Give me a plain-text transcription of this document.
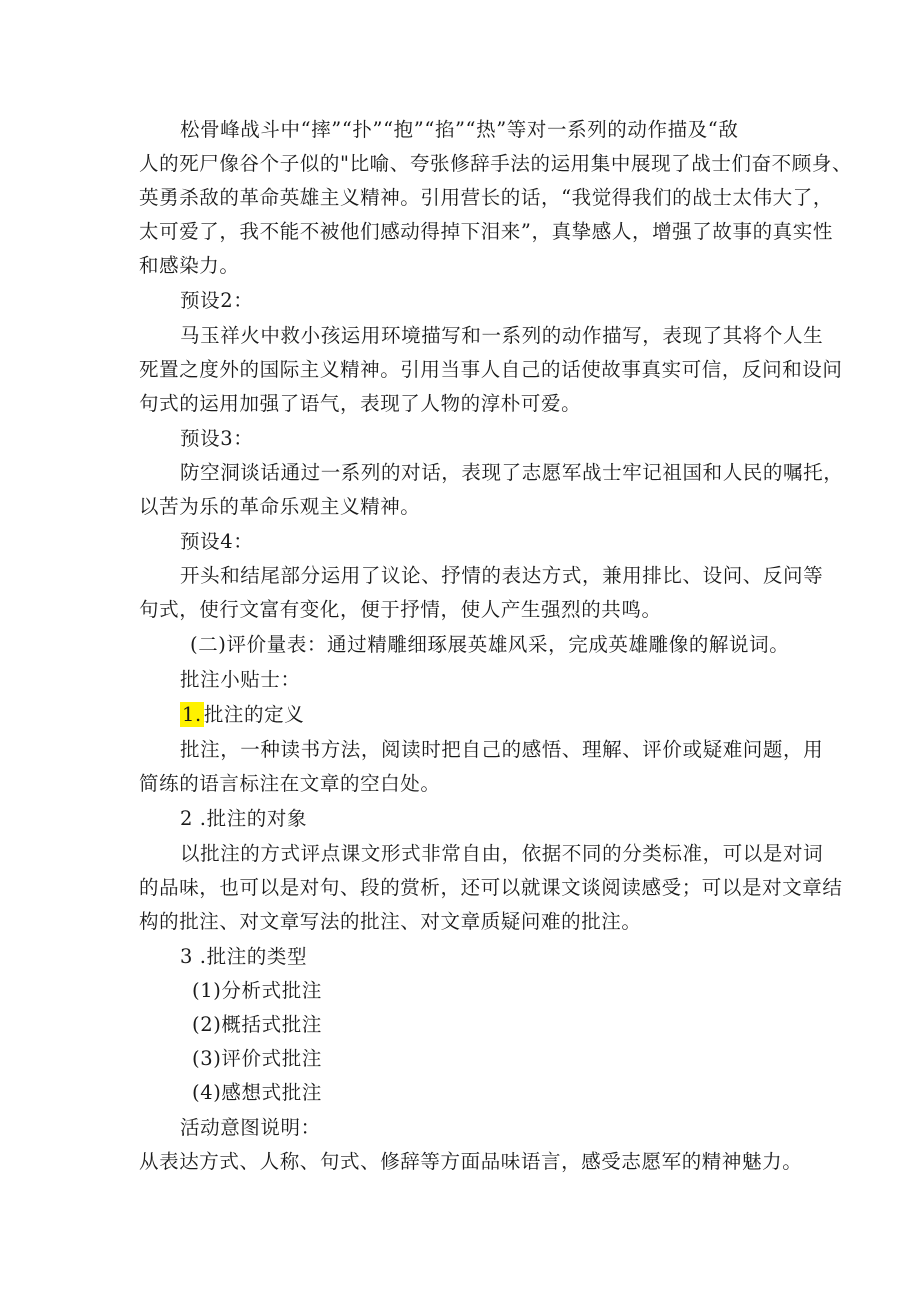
松骨峰战斗中“摔”“扑”“抱”“掐”“热”等对一系列的动作描及“敌
人的死尸像谷个子似的"比喻、夸张修辞手法的运用集中展现了战士们奋不顾身、
英勇杀敌的革命英雄主义精神。引用营长的话，“我觉得我们的战士太伟大了，
太可爱了，我不能不被他们感动得掉下泪来”，真挚感人，增强了故事的真实性
和感染力。
预设2：
马玉祥火中救小孩运用环境描写和一系列的动作描写，表现了其将个人生
死置之度外的国际主义精神。引用当事人自己的话使故事真实可信，反问和设问
句式的运用加强了语气，表现了人物的淳朴可爱。
预设3：
防空洞谈话通过一系列的对话，表现了志愿军战士牢记祖国和人民的嘱托，
以苦为乐的革命乐观主义精神。
预设4：
开头和结尾部分运用了议论、抒情的表达方式，兼用排比、设问、反问等
句式，使行文富有变化，便于抒情，使人产生强烈的共鸣。
(二)评价量表：通过精雕细琢展英雄风采，完成英雄雕像的解说词。
批注小贴士：
1. 批注的定义
批注，一种读书方法，阅读时把自己的感悟、理解、评价或疑难问题，用
简练的语言标注在文章的空白处。
2 .批注的对象
以批注的方式评点课文形式非常自由，依据不同的分类标准，可以是对词
的品味，也可以是对句、段的赏析，还可以就课文谈阅读感受；可以是对文章结
构的批注、对文章写法的批注、对文章质疑问难的批注。
3 .批注的类型
(1)分析式批注
(2)概括式批注
(3)评价式批注
(4)感想式批注
活动意图说明：
从表达方式、人称、句式、修辞等方面品味语言，感受志愿军的精神魅力。
